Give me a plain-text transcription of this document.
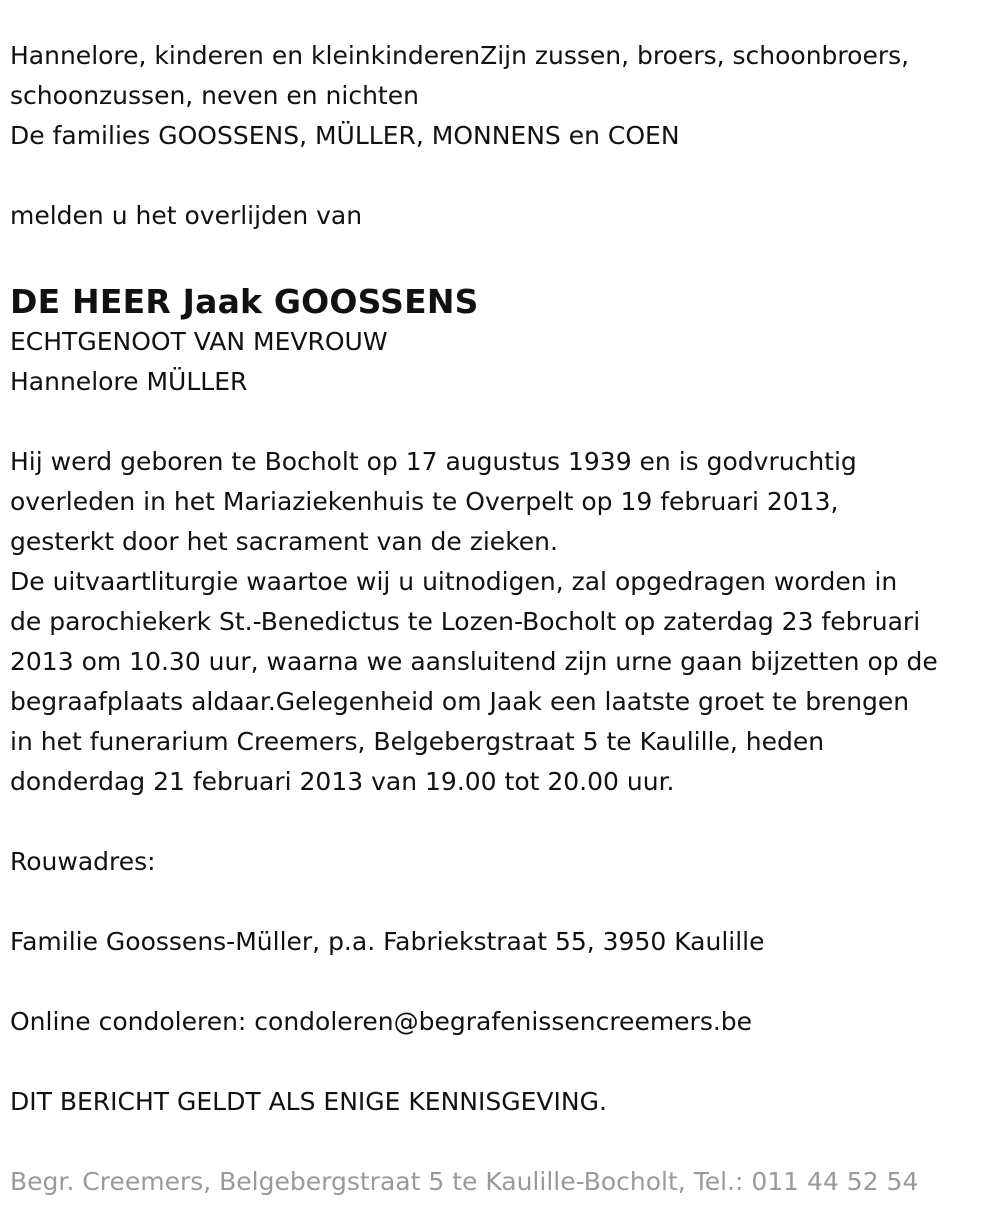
Hannelore, kinderen en kleinkinderenZijn zussen, broers, schoonbroers,
schoonzussen, neven en nichten
De families GOOSSENS, MÜLLER, MONNENS en COEN
melden u het overlijden van
DE HEER Jaak GOOSSENS
ECHTGENOOT VAN MEVROUW
Hannelore MÜLLER
Hij werd geboren te Bocholt op 17 augustus 1939 en is godvruchtig
overleden in het Mariaziekenhuis te Overpelt op 19 februari 2013,
gesterkt door het sacrament van de zieken.
De uitvaartliturgie waartoe wij u uitnodigen, zal opgedragen worden in
de parochiekerk St.-Benedictus te Lozen-Bocholt op zaterdag 23 februari
2013 om 10.30 uur, waarna we aansluitend zijn urne gaan bijzetten op de
begraafplaats aldaar.Gelegenheid om Jaak een laatste groet te brengen
in het funerarium Creemers, Belgebergstraat 5 te Kaulille, heden
donderdag 21 februari 2013 van 19.00 tot 20.00 uur.
Rouwadres:
Familie Goossens-Müller, p.a. Fabriekstraat 55, 3950 Kaulille
Online condoleren: condoleren@begrafenissencreemers.be
DIT BERICHT GELDT ALS ENIGE KENNISGEVING.
Begr. Creemers, Belgebergstraat 5 te Kaulille-Bocholt, Tel.: 011 44 52 54
